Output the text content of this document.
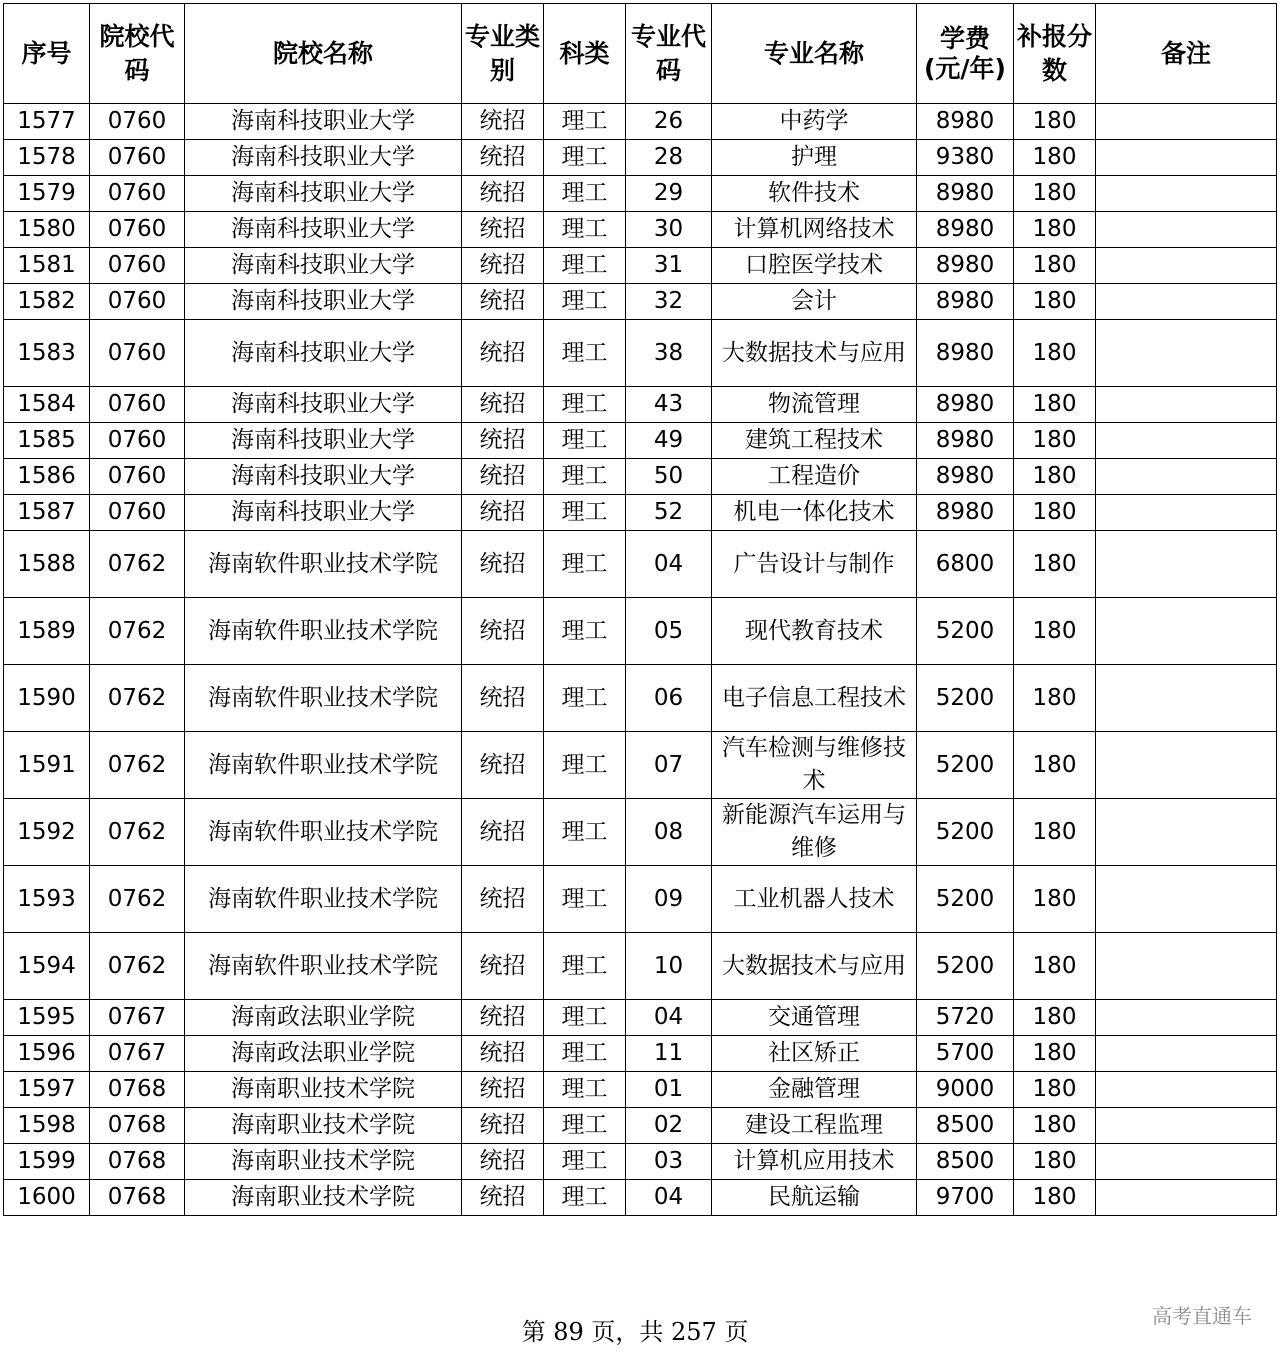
序号	院校代码	院校名称	专业类别	科类	专业代码	专业名称	学费(元/年)	补报分数	备注
1577	0760	海南科技职业大学	统招	理工	26	中药学	8980	180	
1578	0760	海南科技职业大学	统招	理工	28	护理	9380	180	
1579	0760	海南科技职业大学	统招	理工	29	软件技术	8980	180	
1580	0760	海南科技职业大学	统招	理工	30	计算机网络技术	8980	180	
1581	0760	海南科技职业大学	统招	理工	31	口腔医学技术	8980	180	
1582	0760	海南科技职业大学	统招	理工	32	会计	8980	180	
1583	0760	海南科技职业大学	统招	理工	38	大数据技术与应用	8980	180	
1584	0760	海南科技职业大学	统招	理工	43	物流管理	8980	180	
1585	0760	海南科技职业大学	统招	理工	49	建筑工程技术	8980	180	
1586	0760	海南科技职业大学	统招	理工	50	工程造价	8980	180	
1587	0760	海南科技职业大学	统招	理工	52	机电一体化技术	8980	180	
1588	0762	海南软件职业技术学院	统招	理工	04	广告设计与制作	6800	180	
1589	0762	海南软件职业技术学院	统招	理工	05	现代教育技术	5200	180	
1590	0762	海南软件职业技术学院	统招	理工	06	电子信息工程技术	5200	180	
1591	0762	海南软件职业技术学院	统招	理工	07	汽车检测与维修技术	5200	180	
1592	0762	海南软件职业技术学院	统招	理工	08	新能源汽车运用与维修	5200	180	
1593	0762	海南软件职业技术学院	统招	理工	09	工业机器人技术	5200	180	
1594	0762	海南软件职业技术学院	统招	理工	10	大数据技术与应用	5200	180	
1595	0767	海南政法职业学院	统招	理工	04	交通管理	5720	180	
1596	0767	海南政法职业学院	统招	理工	11	社区矫正	5700	180	
1597	0768	海南职业技术学院	统招	理工	01	金融管理	9000	180	
1598	0768	海南职业技术学院	统招	理工	02	建设工程监理	8500	180	
1599	0768	海南职业技术学院	统招	理工	03	计算机应用技术	8500	180	
1600	0768	海南职业技术学院	统招	理工	04	民航运输	9700	180	
第 89 页，共 257 页
高考直通车
